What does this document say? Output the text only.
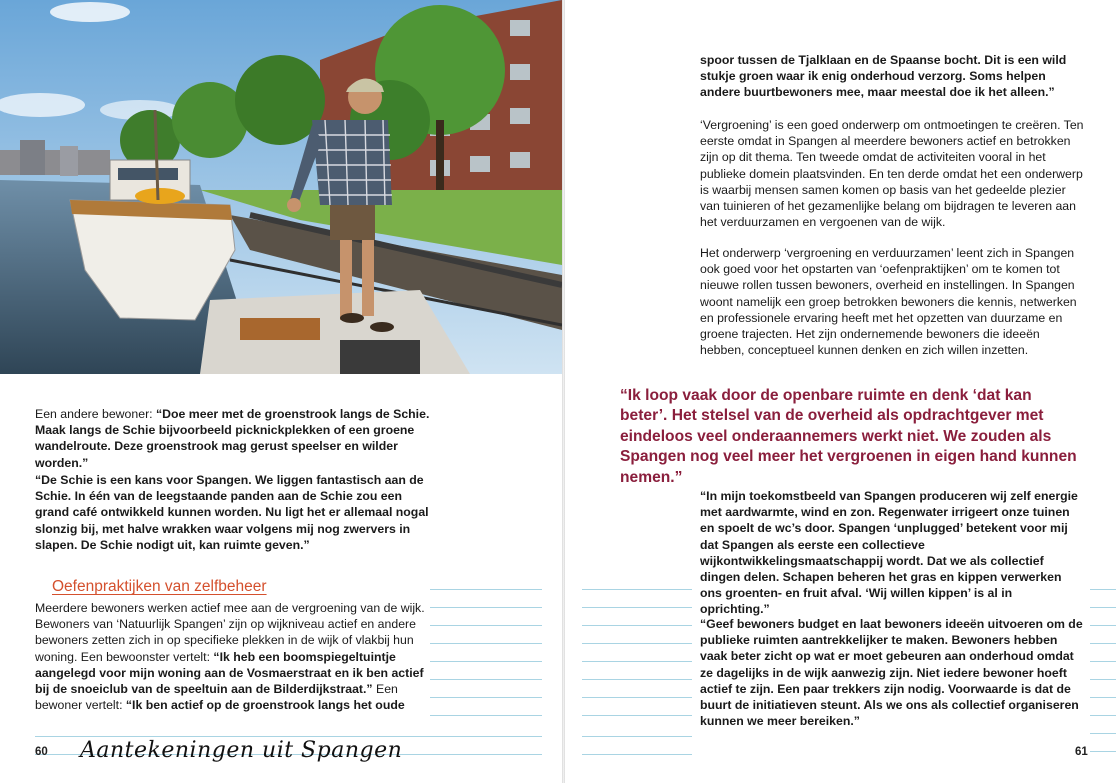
Een andere bewoner: “Doe meer met de groenstrook langs de Schie. Maak langs de Schie bijvoorbeeld picknickplekken of een groene wandelroute. Deze groenstrook mag gerust speelser en wilder worden.”

“De Schie is een kans voor Spangen. We liggen fantastisch aan de Schie. In één van de leegstaande panden aan de Schie zou een grand café ontwikkeld kunnen worden. Nu ligt het er allemaal nogal slonzig bij, met halve wrakken waar volgens mij nog zwervers in slapen. De Schie nodigt uit, kan ruimte geven.”

Oefenpraktijken van zelfbeheer

Meerdere bewoners werken actief mee aan de vergroening van de wijk. Bewoners van ‘Natuurlijk Spangen’ zijn op wijkniveau actief en andere bewoners zetten zich in op specifieke plekken in de wijk of vlakbij hun woning. Een bewoonster vertelt: “Ik heb een boomspiegeltuintje aangelegd voor mijn woning aan de Vosmaerstraat en ik ben actief bij de snoeiclub van de speeltuin aan de Bilderdijkstraat.” Een bewoner vertelt: “Ik ben actief op de groenstrook langs het oude

60 Aantekeningen uit Spangen

spoor tussen de Tjalklaan en de Spaanse bocht. Dit is een wild stukje groen waar ik enig onderhoud verzorg. Soms helpen andere buurtbewoners mee, maar meestal doe ik het alleen.”

‘Vergroening’ is een goed onderwerp om ontmoetingen te creëren. Ten eerste omdat in Spangen al meerdere bewoners actief en betrokken zijn op dit thema. Ten tweede omdat de activiteiten vooral in het publieke domein plaatsvinden. En ten derde omdat het een onderwerp is waarbij mensen samen komen op basis van het gedeelde plezier van tuinieren of het gezamenlijke belang om bijdragen te leveren aan het verduurzamen en vergoenen van de wijk.

Het onderwerp ‘vergroening en verduurzamen’ leent zich in Spangen ook goed voor het opstarten van ‘oefenpraktijken’ om te komen tot nieuwe rollen tussen bewoners, overheid en instellingen. In Spangen woont namelijk een groep betrokken bewoners die kennis, netwerken en professionele ervaring heeft met het opzetten van duurzame en groene trajecten. Het zijn ondernemende bewoners die ideeën hebben, conceptueel kunnen denken en zich willen inzetten.

“Ik loop vaak door de openbare ruimte en denk ‘dat kan beter’. Het stelsel van de overheid als opdrachtgever met eindeloos veel onderaannemers werkt niet. We zouden als Spangen nog veel meer het vergroenen in eigen hand kunnen nemen.”

“In mijn toekomstbeeld van Spangen produceren wij zelf energie met aardwarmte, wind en zon. Regenwater irrigeert onze tuinen en spoelt de wc’s door. Spangen ‘unplugged’ betekent voor mij dat Spangen als eerste een collectieve wijkontwikkelingsmaatschappij wordt. Dat we als collectief dingen delen. Schapen beheren het gras en kippen verwerken ons groenten- en fruit afval. ‘Wij willen kippen’ is al in oprichting.”

“Geef bewoners budget en laat bewoners ideeën uitvoeren om de publieke ruimten aantrekkelijker te maken. Bewoners hebben vaak beter zicht op wat er moet gebeuren aan onderhoud omdat ze dagelijks in de wijk aanwezig zijn. Niet iedere bewoner hoeft actief te zijn. Een paar trekkers zijn nodig. Voorwaarde is dat de buurt de initiatieven steunt. Als we ons als collectief organiseren kunnen we meer bereiken.”

61
